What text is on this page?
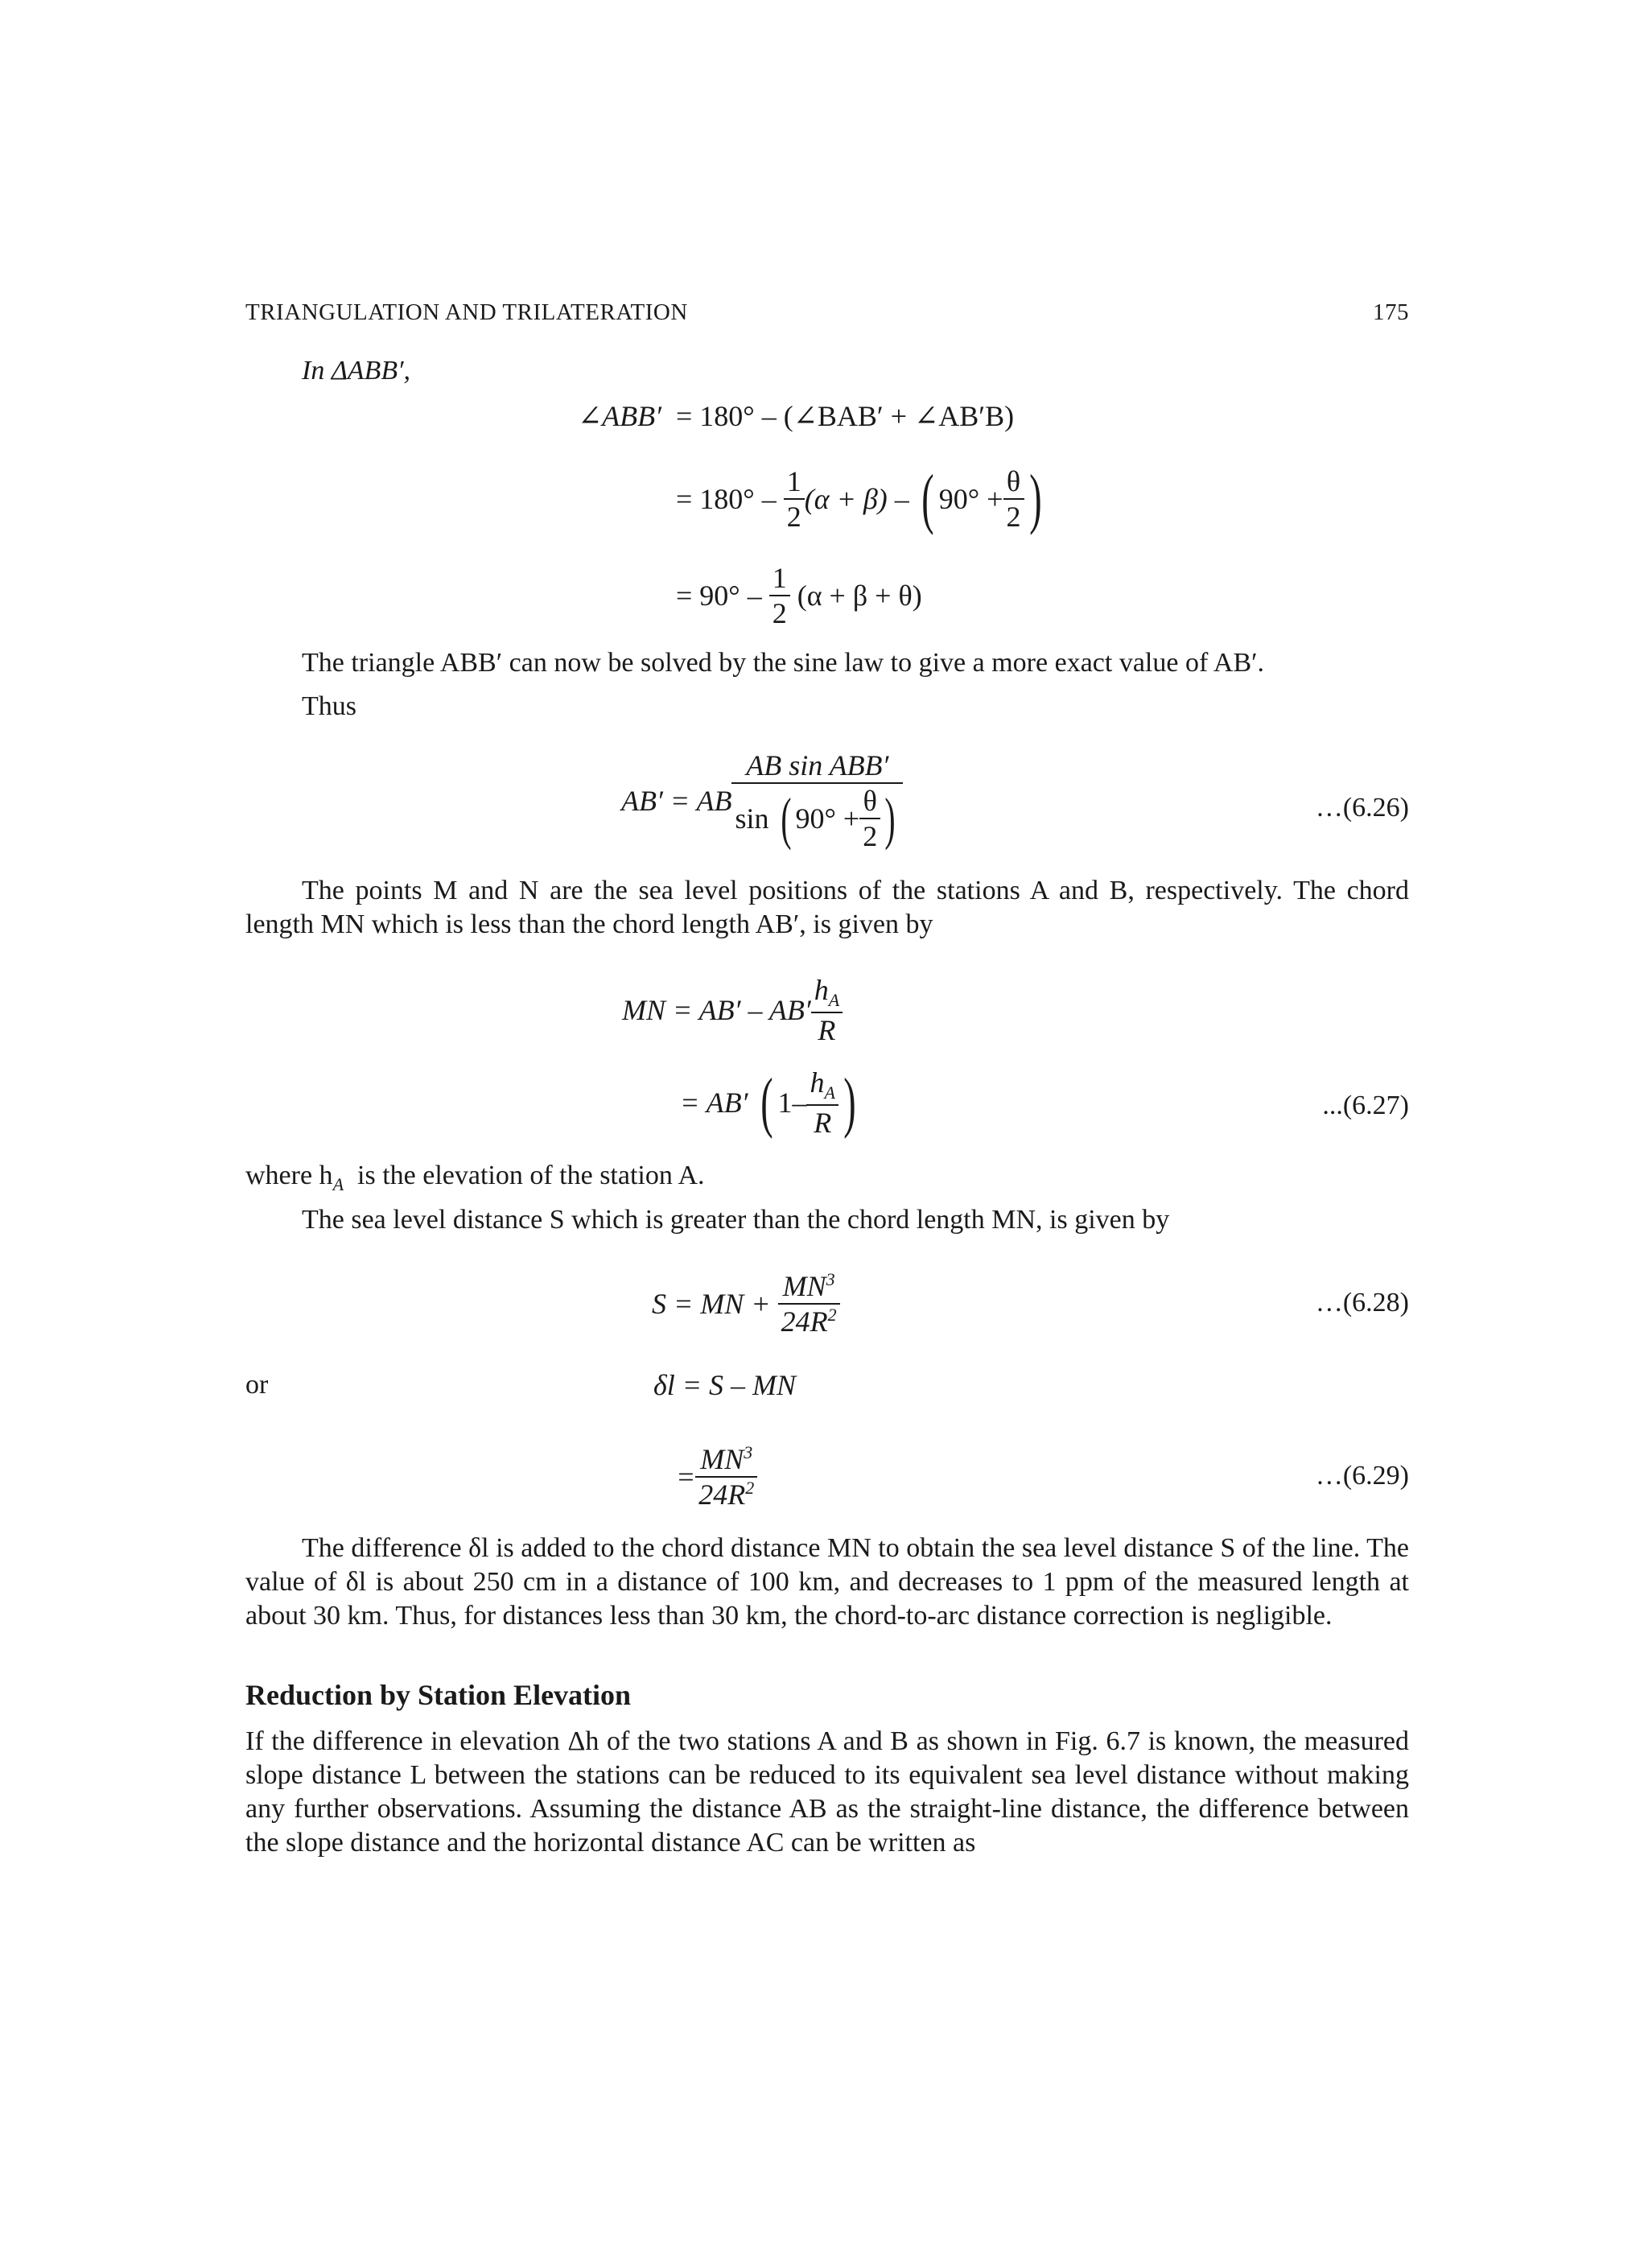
TRIANGULATION AND TRILATERATION	175
In ΔABB′,
∠ABB′ = 180° – (∠BAB′ + ∠AB′B)
= 180° –
$\frac{1}{2} (\alpha + \beta)$ –
( $90^\circ + \frac{\theta}{2}$ )
= 90° –
$\frac{1}{2}$
(α + β + θ)
The triangle ABB′ can now be solved by the sine law to give a more exact value of AB′.
Thus
AB′ = AB
AB sin ABB′
sin
( $90^\circ + \frac{\theta}{2}$ )	…(6.26)
The points M and N are the sea level positions of the stations A and B, respectively. The chord length MN which is less than the chord length AB′, is given by
MN = $AB' - AB' \frac{h_A}{R}$
= AB′
( $1- \frac{h_A}{R}$ )	...(6.27)
where $h_A$ is the elevation of the station A.
The sea level distance S which is greater than the chord length MN, is given by
S = MN +
$\frac{MN^3}{24R^2}$	…(6.28)
or	δl = S – MN
= $\frac{MN^3}{24R^2}$	…(6.29)
The difference δl is added to the chord distance MN to obtain the sea level distance S of the line. The value of δl is about 250 cm in a distance of 100 km, and decreases to 1 ppm of the measured length at about 30 km. Thus, for distances less than 30 km, the chord-to-arc distance correction is negligible.
Reduction by Station Elevation
If the difference in elevation Δh of the two stations A and B as shown in Fig. 6.7 is known, the measured slope distance L between the stations can be reduced to its equivalent sea level distance without making any further observations. Assuming the distance AB as the straight-line distance, the difference between the slope distance and the horizontal distance AC can be written as
